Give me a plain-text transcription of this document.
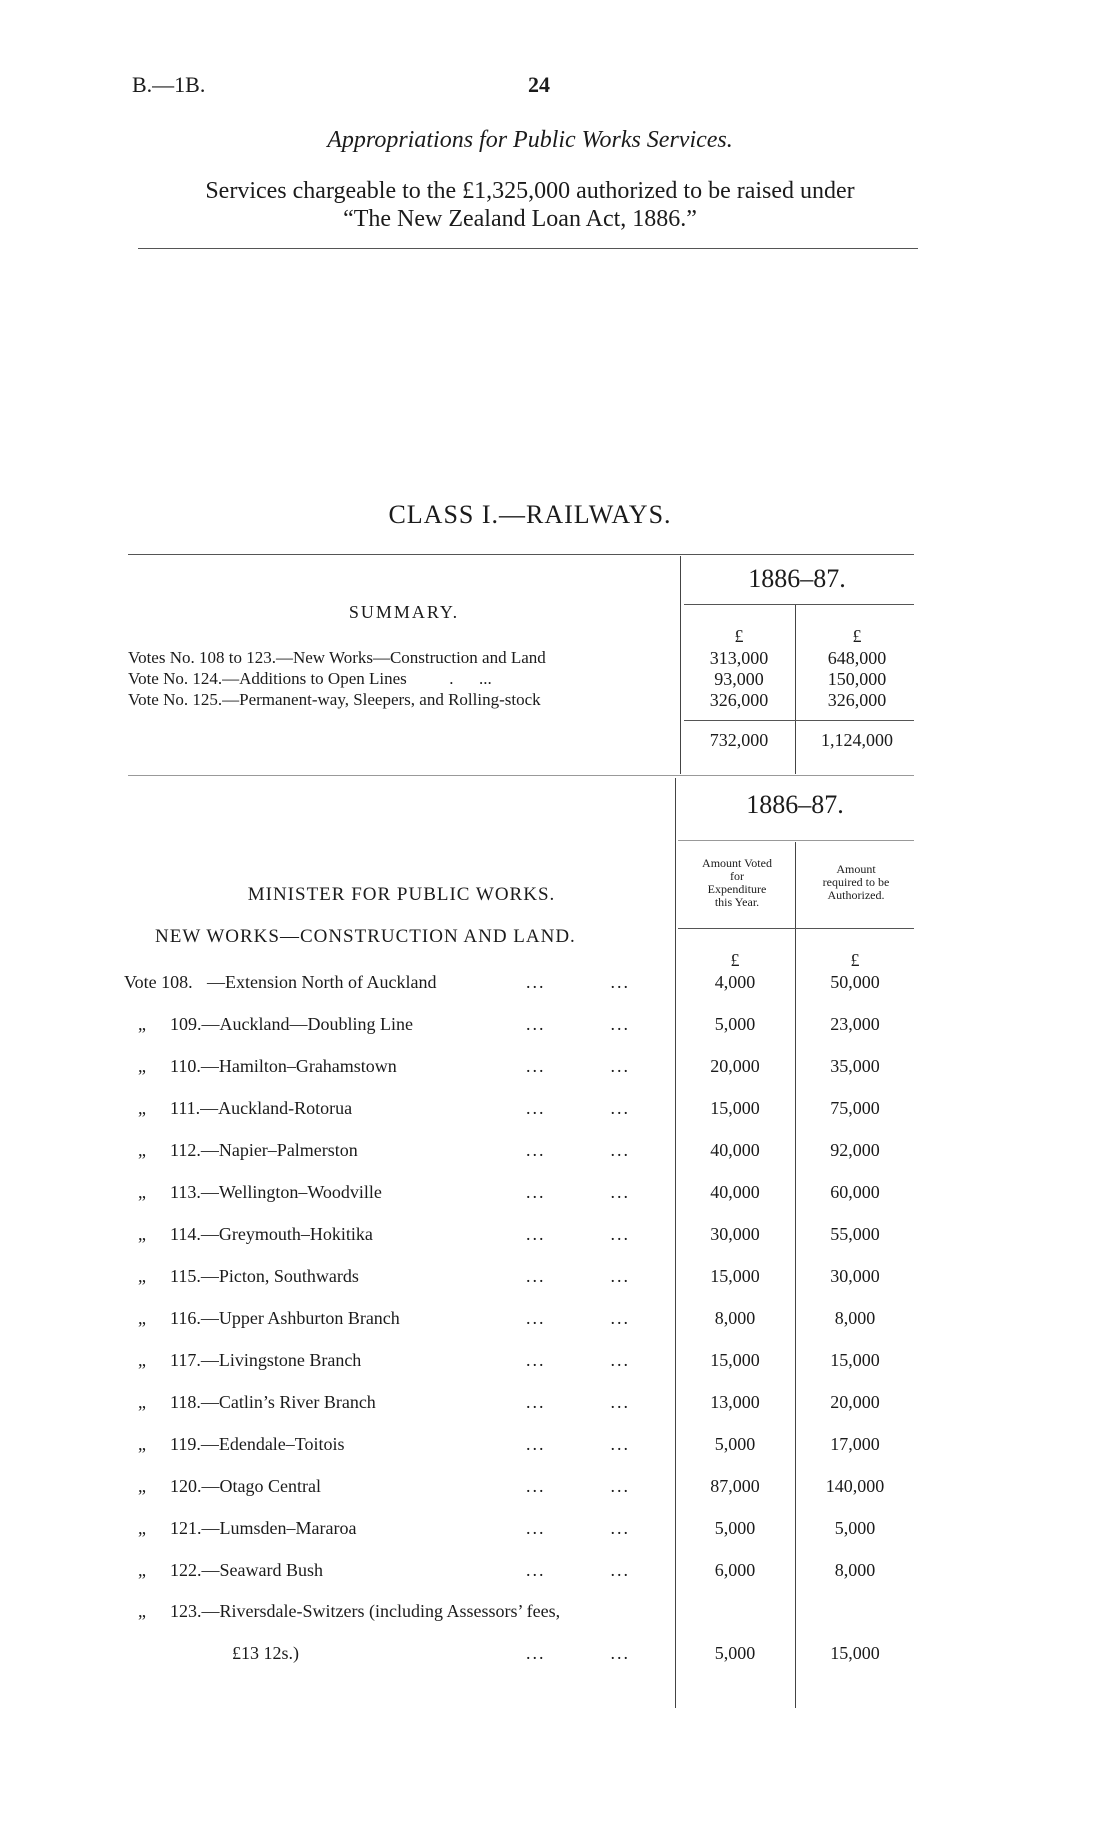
B.—1B.	24
Appropriations for Public Works Services.
Services chargeable to the £1,325,000 authorized to be raised under
“The New Zealand Loan Act, 1886.”
CLASS I.—RAILWAYS.
1886–87.
SUMMARY.
£	£
Votes No. 108 to 123.—New Works—Construction and Land	313,000	648,000
Vote No. 124.—Additions to Open Lines          .      ...	93,000	150,000
Vote No. 125.—Permanent-way, Sleepers, and Rolling-stock	326,000	326,000
732,000	1,124,000
1886–87.
Amount Voted
for
Expenditure
this Year.
Amount
required to be
Authorized.
MINISTER FOR PUBLIC WORKS.
NEW WORKS—CONSTRUCTION AND LAND.
£	£
Vote 108. —Extension North of Auckland	...          ...	4,000	50,000
„ 109.—Auckland—Doubling Line	...          ...	5,000	23,000
„ 110.—Hamilton–Grahamstown	...          ...	20,000	35,000
„ 111.—Auckland-Rotorua	...          ...	15,000	75,000
„ 112.—Napier–Palmerston	...          ...	40,000	92,000
„ 113.—Wellington–Woodville	...          ...	40,000	60,000
„ 114.—Greymouth–Hokitika	...          ...	30,000	55,000
„ 115.—Picton, Southwards	...          ...	15,000	30,000
„ 116.—Upper Ashburton Branch	...          ...	8,000	8,000
„ 117.—Livingstone Branch	...          ...	15,000	15,000
„ 118.—Catlin’s River Branch	...          ...	13,000	20,000
„ 119.—Edendale–Toitois	...          ...	5,000	17,000
„ 120.—Otago Central	...          ...	87,000	140,000
„ 121.—Lumsden–Mararoa	...          ...	5,000	5,000
„ 122.—Seaward Bush	...          ...	6,000	8,000
„ 123.—Riversdale-Switzers (including Assessors’ fees,
£13 12s.)	...          ...	5,000	15,000
